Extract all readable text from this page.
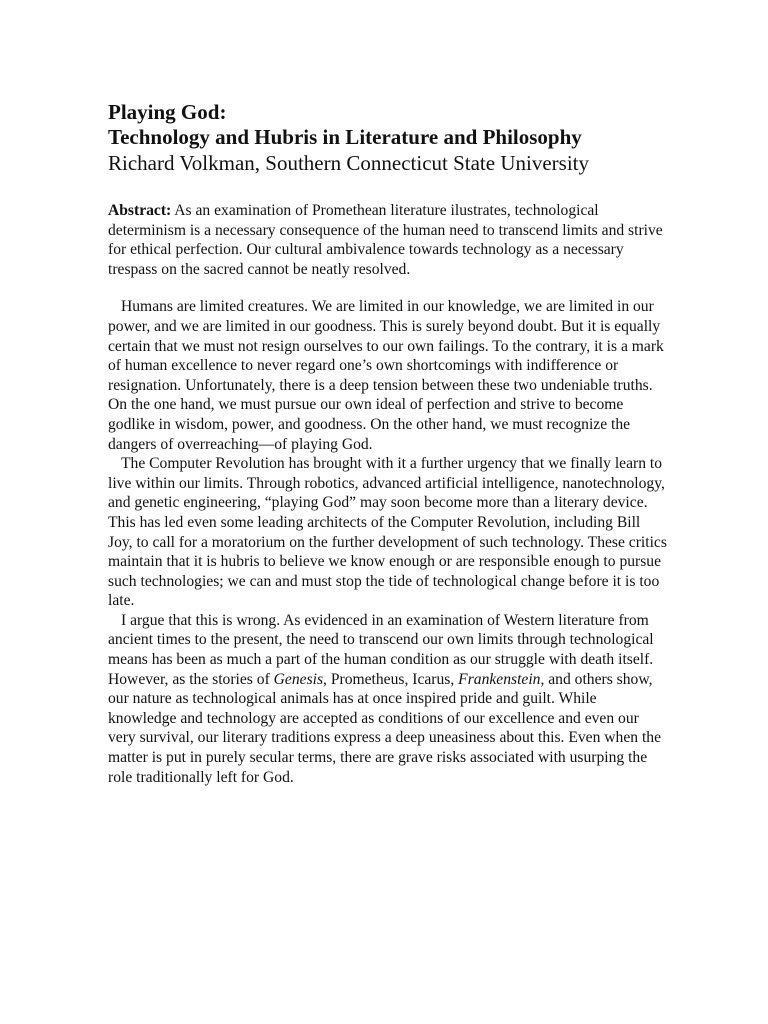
Playing God:
Technology and Hubris in Literature and Philosophy

Richard Volkman, Southern Connecticut State University

Abstract: As an examination of Promethean literature ilustrates, technological determinism is a necessary consequence of the human need to transcend limits and strive for ethical perfection. Our cultural ambivalence towards technology as a necessary trespass on the sacred cannot be neatly resolved.

Humans are limited creatures. We are limited in our knowledge, we are limited in our power, and we are limited in our goodness. This is surely beyond doubt. But it is equally certain that we must not resign ourselves to our own failings. To the contrary, it is a mark of human excellence to never regard one’s own shortcomings with indifference or resignation. Unfortunately, there is a deep tension between these two undeniable truths. On the one hand, we must pursue our own ideal of perfection and strive to become godlike in wisdom, power, and goodness. On the other hand, we must recognize the dangers of overreaching—of playing God.

The Computer Revolution has brought with it a further urgency that we finally learn to live within our limits. Through robotics, advanced artificial intelligence, nanotechnology, and genetic engineering, “playing God” may soon become more than a literary device. This has led even some leading architects of the Computer Revolution, including Bill Joy, to call for a moratorium on the further development of such technology. These critics maintain that it is hubris to believe we know enough or are responsible enough to pursue such technologies; we can and must stop the tide of technological change before it is too late.

I argue that this is wrong. As evidenced in an examination of Western literature from ancient times to the present, the need to transcend our own limits through technological means has been as much a part of the human condition as our struggle with death itself. However, as the stories of Genesis, Prometheus, Icarus, Frankenstein, and others show, our nature as technological animals has at once inspired pride and guilt. While knowledge and technology are accepted as conditions of our excellence and even our very survival, our literary traditions express a deep uneasiness about this. Even when the matter is put in purely secular terms, there are grave risks associated with usurping the role traditionally left for God.
